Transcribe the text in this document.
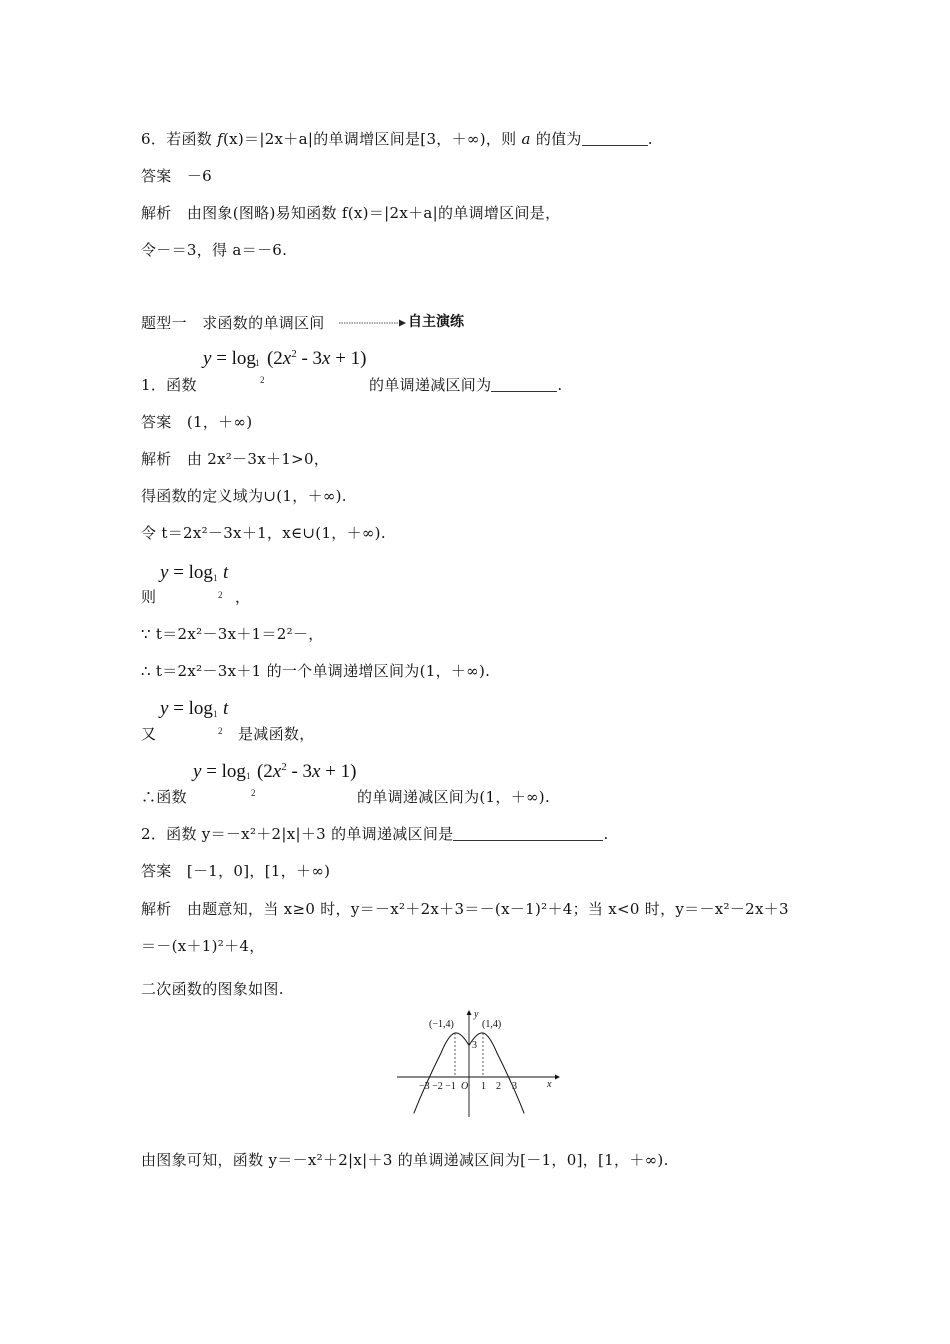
6．若函数 f(x)＝|2x＋a|的单调增区间是[3，＋∞)，则 a 的值为	.
答案 －6
解析 由图象(图略)易知函数 f(x)＝|2x＋a|的单调增区间是，
令－＝3，得 a＝－6.
题型一　求函数的单调区间	自主演练
$y = \log (2x^2 - 3x + 1)$
1
2
1．函数	的单调递减区间为	.
答案 (1，＋∞)
解析 由 2x²－3x＋1>0，
得函数的定义域为∪(1，＋∞).
令 t＝2x²－3x＋1，x∈∪(1，＋∞).
y = log t
1
2
则	，
∵ t＝2x²－3x＋1＝2²－，
∴ t＝2x²－3x＋1 的一个单调递增区间为(1，＋∞).
y = log t
1
2
又	是减函数，
$y = \log (2x^2 - 3x + 1)$
1
2
∴函数	的单调递减区间为(1，＋∞).
2．函数 y＝－x²＋2|x|＋3 的单调递减区间是	.
答案 [－1，0]，[1，＋∞)
解析 由题意知，当 x≥0 时，y＝－x²＋2x＋3＝－(x－1)²＋4；当 x<0 时，y＝－x²－2x＋3
＝－(x＋1)²＋4，
二次函数的图象如图.
(−1,4)	(1,4)
3
y
x
−3 −2 −1 O 1 2 3
由图象可知，函数 y＝－x²＋2|x|＋3 的单调递减区间为[－1，0]，[1，＋∞).
